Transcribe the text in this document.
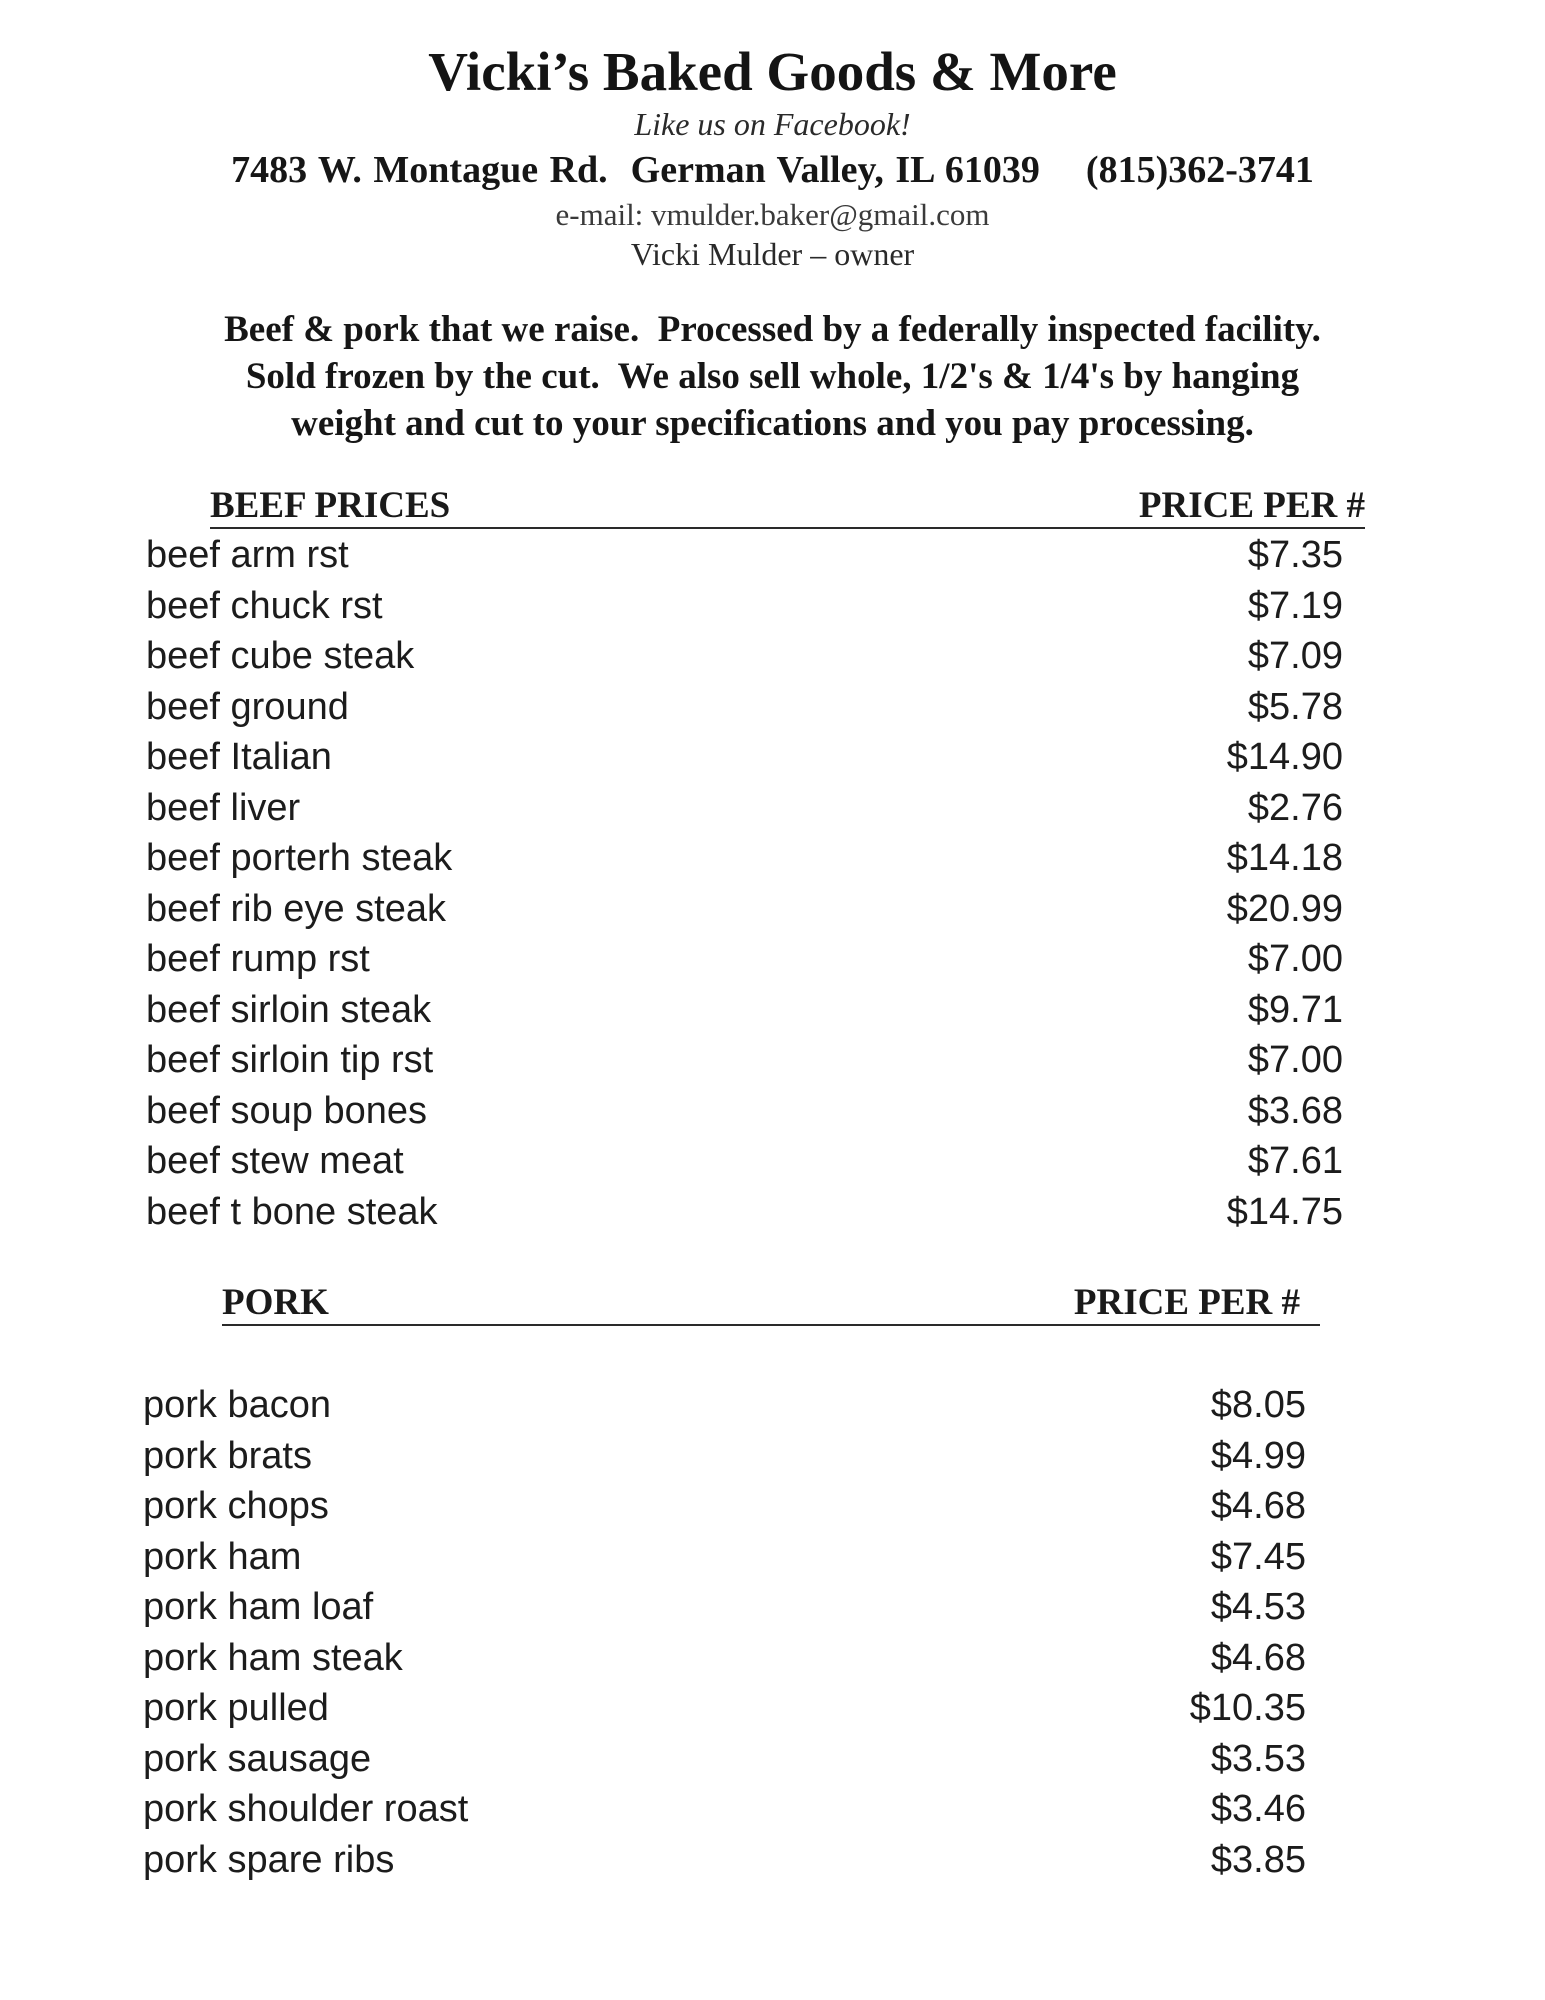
Vicki’s Baked Goods & More
Like us on Facebook!
7483 W. Montague Rd.  German Valley, IL 61039    (815)362-3741
e-mail: vmulder.baker@gmail.com
Vicki Mulder – owner
Beef & pork that we raise.  Processed by a federally inspected facility.
Sold frozen by the cut.  We also sell whole, 1/2's & 1/4's by hanging
weight and cut to your specifications and you pay processing.
BEEF PRICES	PRICE PER #
beef arm rst	$7.35
beef chuck rst	$7.19
beef cube steak	$7.09
beef ground	$5.78
beef Italian	$14.90
beef liver	$2.76
beef porterh steak	$14.18
beef rib eye steak	$20.99
beef rump rst	$7.00
beef sirloin steak	$9.71
beef sirloin tip rst	$7.00
beef soup bones	$3.68
beef stew meat	$7.61
beef t bone steak	$14.75
PORK	PRICE PER #
pork bacon	$8.05
pork brats	$4.99
pork chops	$4.68
pork ham	$7.45
pork ham loaf	$4.53
pork ham steak	$4.68
pork pulled	$10.35
pork sausage	$3.53
pork shoulder roast	$3.46
pork spare ribs	$3.85
